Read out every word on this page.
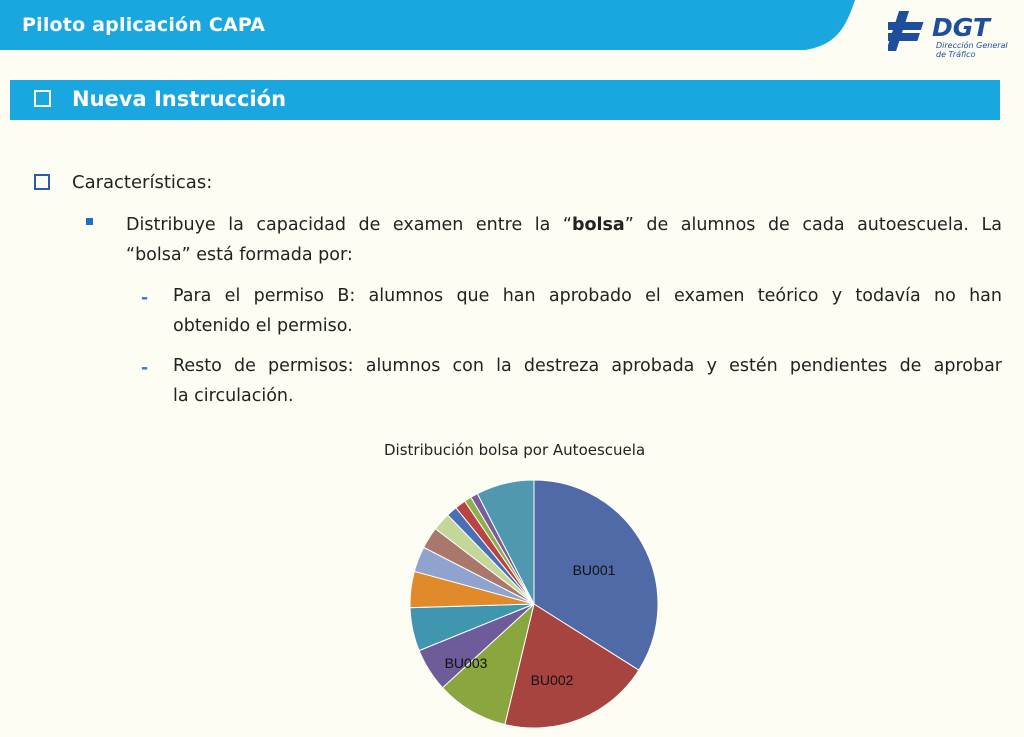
Piloto aplicación CAPA	DGT
Dirección General
de Tráfico
Nueva Instrucción
Características:
Distribuye la capacidad de examen entre la “bolsa” de alumnos de cada autoescuela. La
“bolsa” está formada por:
- Para el permiso B: alumnos que han aprobado el examen teórico y todavía no han
obtenido el permiso.
- Resto de permisos: alumnos con la destreza aprobada y estén pendientes de aprobar
la circulación.
Distribución bolsa por Autoescuela
BU001
BU002
BU003
